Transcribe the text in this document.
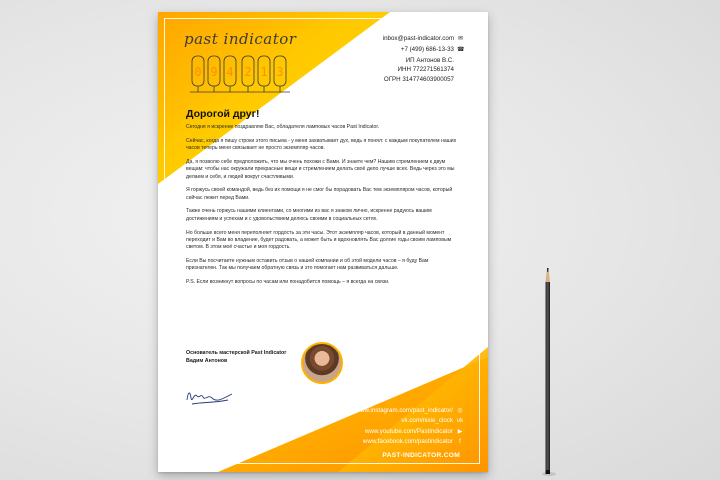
past indicator
0 9 4 2 1 3
inbox@past-indicator.com ✉
+7 (499) 686-13-33 ☎
ИП Антонов В.С.
ИНН 772271561374
ОГРН 314774603900057
Дорогой друг!

Сегодня я искренне поздравляю Вас, обладателя ламповых часов Past Indicator.

Сейчас, когда я пишу строки этого письма - у меня захватывает дух, ведь я понял: с каждым покупателем наших часов теперь меня связывает не просто экземпляр часов.

Да, я позволю себе предположить, что мы очень похожи с Вами. И знаете чем? Нашим стремлением к двум вещам: чтобы нас окружали прекрасные вещи и стремлением делать своё дело лучше всех. Ведь через это мы делаем и себя, и людей вокруг счастливыми.

Я горжусь своей командой, ведь без их помощи я не смог бы порадовать Вас тем экземпляром часов, который сейчас лежит перед Вами.

Также очень горжусь нашими клиентами, со многими из вас я знаком лично, искренне радуюсь вашим достижениям и успехам и с удовольствием делюсь своими в социальных сетях.

Но больше всего меня переполняет гордость за эти часы. Этот экземпляр часов, который в данный момент переходит и Вам во владение, будет радовать, а может быть и вдохновлять Вас долгие годы своим ламповым светом. В этом моё счастье и моя гордость.

Если Вы посчитаете нужным оставить отзыв о нашей компании и об этой модели часов – я буду Вам признателен. Так мы получаем обратную связь и это помогает нам развиваться дальше.

P.S. Если возникнут вопросы по часам или понадобится помощь – я всегда на связи.

Основатель мастерской Past Indicator
Вадим Антонов
www.instagram.com/past_indicator/ ◎
vk.com/nixie_clock ʋk
www.youtube.com/PastIndicator ▶
www.facebook.com/pastindicator f
PAST-INDICATOR.COM
